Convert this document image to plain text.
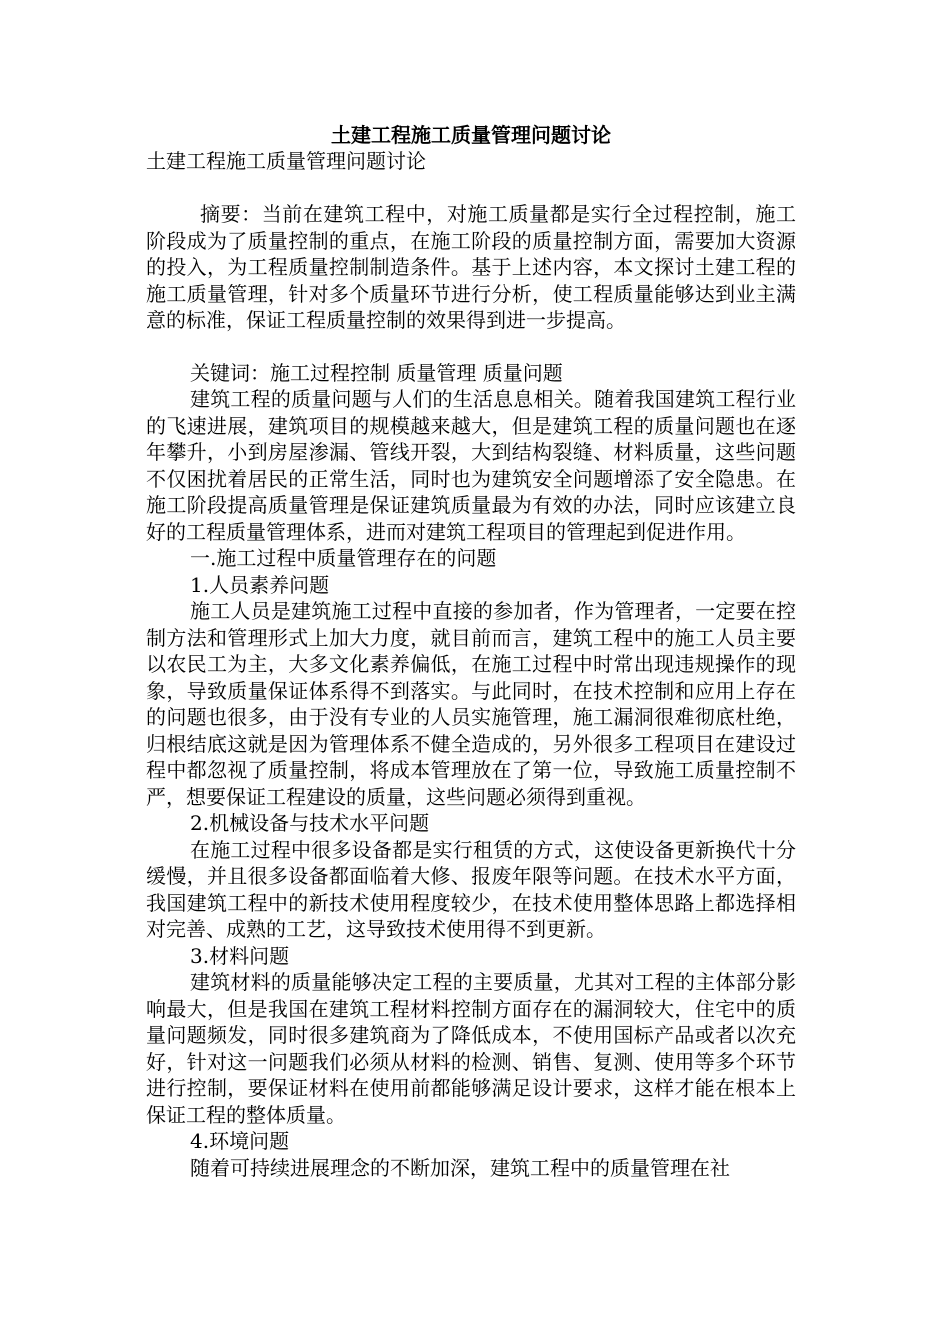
土建工程施工质量管理问题讨论

土建工程施工质量管理问题讨论

摘要：当前在建筑工程中，对施工质量都是实行全过程控制，施工阶段成为了质量控制的重点，在施工阶段的质量控制方面，需要加大资源的投入，为工程质量控制制造条件。基于上述内容，本文探讨土建工程的施工质量管理，针对多个质量环节进行分析，使工程质量能够达到业主满意的标准，保证工程质量控制的效果得到进一步提高。

关键词：施工过程控制 质量管理 质量问题

建筑工程的质量问题与人们的生活息息相关。随着我国建筑工程行业的飞速进展，建筑项目的规模越来越大，但是建筑工程的质量问题也在逐年攀升，小到房屋渗漏、管线开裂，大到结构裂缝、材料质量，这些问题不仅困扰着居民的正常生活，同时也为建筑安全问题增添了安全隐患。在施工阶段提高质量管理是保证建筑质量最为有效的办法，同时应该建立良好的工程质量管理体系，进而对建筑工程项目的管理起到促进作用。

一.施工过程中质量管理存在的问题

1.人员素养问题

施工人员是建筑施工过程中直接的参加者，作为管理者，一定要在控制方法和管理形式上加大力度，就目前而言，建筑工程中的施工人员主要以农民工为主，大多文化素养偏低，在施工过程中时常出现违规操作的现象，导致质量保证体系得不到落实。与此同时，在技术控制和应用上存在的问题也很多，由于没有专业的人员实施管理，施工漏洞很难彻底杜绝，归根结底这就是因为管理体系不健全造成的，另外很多工程项目在建设过程中都忽视了质量控制，将成本管理放在了第一位，导致施工质量控制不严，想要保证工程建设的质量，这些问题必须得到重视。

2.机械设备与技术水平问题

在施工过程中很多设备都是实行租赁的方式，这使设备更新换代十分缓慢，并且很多设备都面临着大修、报废年限等问题。在技术水平方面，我国建筑工程中的新技术使用程度较少，在技术使用整体思路上都选择相对完善、成熟的工艺，这导致技术使用得不到更新。

3.材料问题

建筑材料的质量能够决定工程的主要质量，尤其对工程的主体部分影响最大，但是我国在建筑工程材料控制方面存在的漏洞较大，住宅中的质量问题频发，同时很多建筑商为了降低成本，不使用国标产品或者以次充好，针对这一问题我们必须从材料的检测、销售、复测、使用等多个环节进行控制，要保证材料在使用前都能够满足设计要求，这样才能在根本上保证工程的整体质量。

4.环境问题

随着可持续进展理念的不断加深，建筑工程中的质量管理在社
